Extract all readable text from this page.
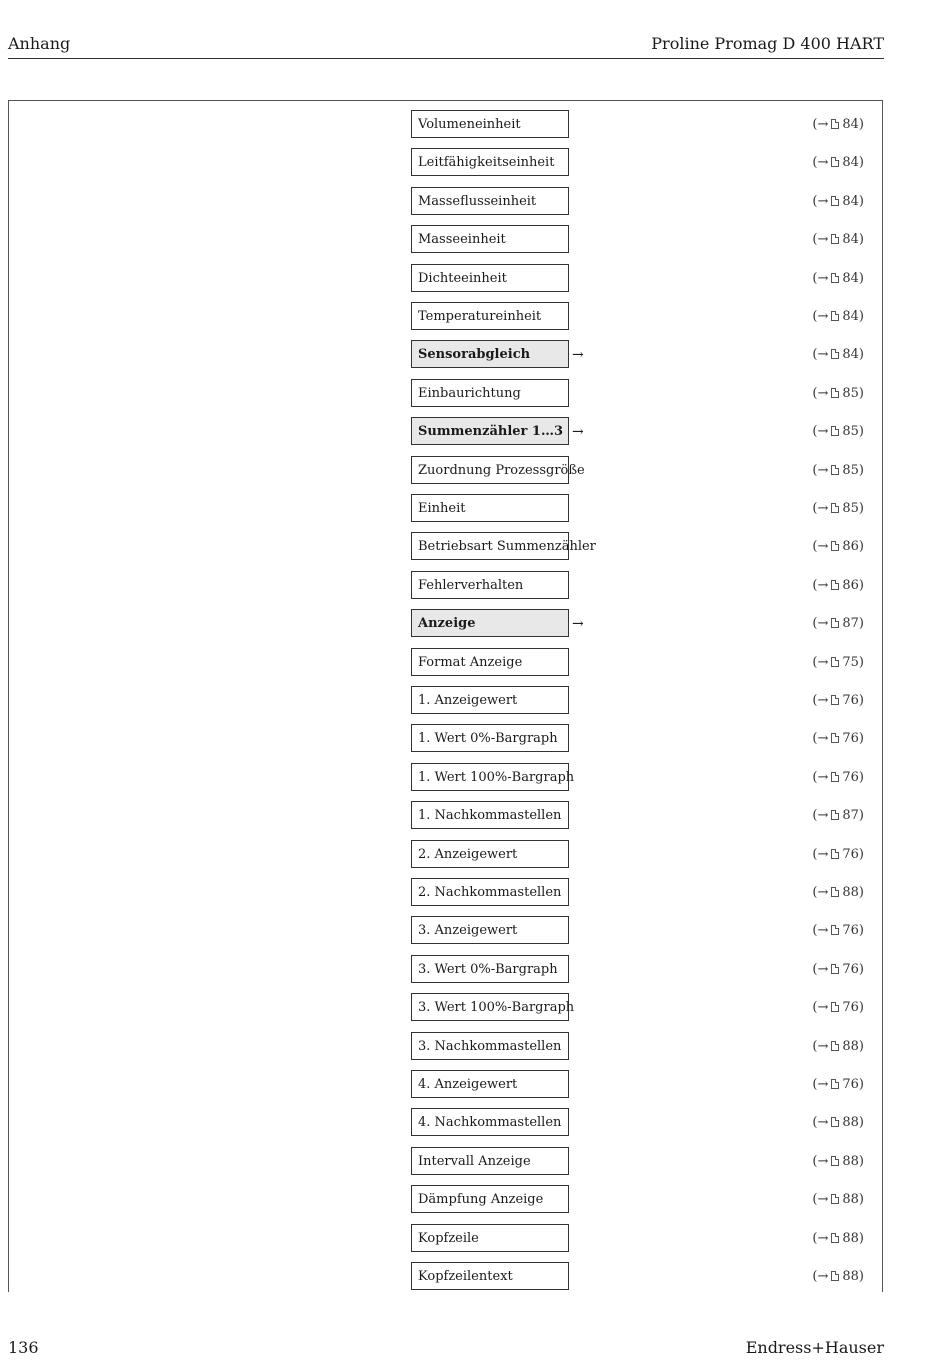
Anhang	Proline Promag D 400 HART
Volumeneinheit	(→ 84)
Leitfähigkeitseinheit	(→ 84)
Masseflusseinheit	(→ 84)
Masseeinheit	(→ 84)
Dichteeinheit	(→ 84)
Temperatureinheit	(→ 84)
Sensorabgleich	→	(→ 84)
Einbaurichtung	(→ 85)
Summenzähler 1…3 →	(→ 85)
Zuordnung Prozessgröße	(→ 85)
Einheit	(→ 85)
Betriebsart Summenzähler	(→ 86)
Fehlerverhalten	(→ 86)
Anzeige	→	(→ 87)
Format Anzeige	(→ 75)
1. Anzeigewert	(→ 76)
1. Wert 0%-Bargraph	(→ 76)
1. Wert 100%-Bargraph	(→ 76)
1. Nachkommastellen	(→ 87)
2. Anzeigewert	(→ 76)
2. Nachkommastellen	(→ 88)
3. Anzeigewert	(→ 76)
3. Wert 0%-Bargraph	(→ 76)
3. Wert 100%-Bargraph	(→ 76)
3. Nachkommastellen	(→ 88)
4. Anzeigewert	(→ 76)
4. Nachkommastellen	(→ 88)
Intervall Anzeige	(→ 88)
Dämpfung Anzeige	(→ 88)
Kopfzeile	(→ 88)
Kopfzeilentext	(→ 88)
136	Endress+Hauser
